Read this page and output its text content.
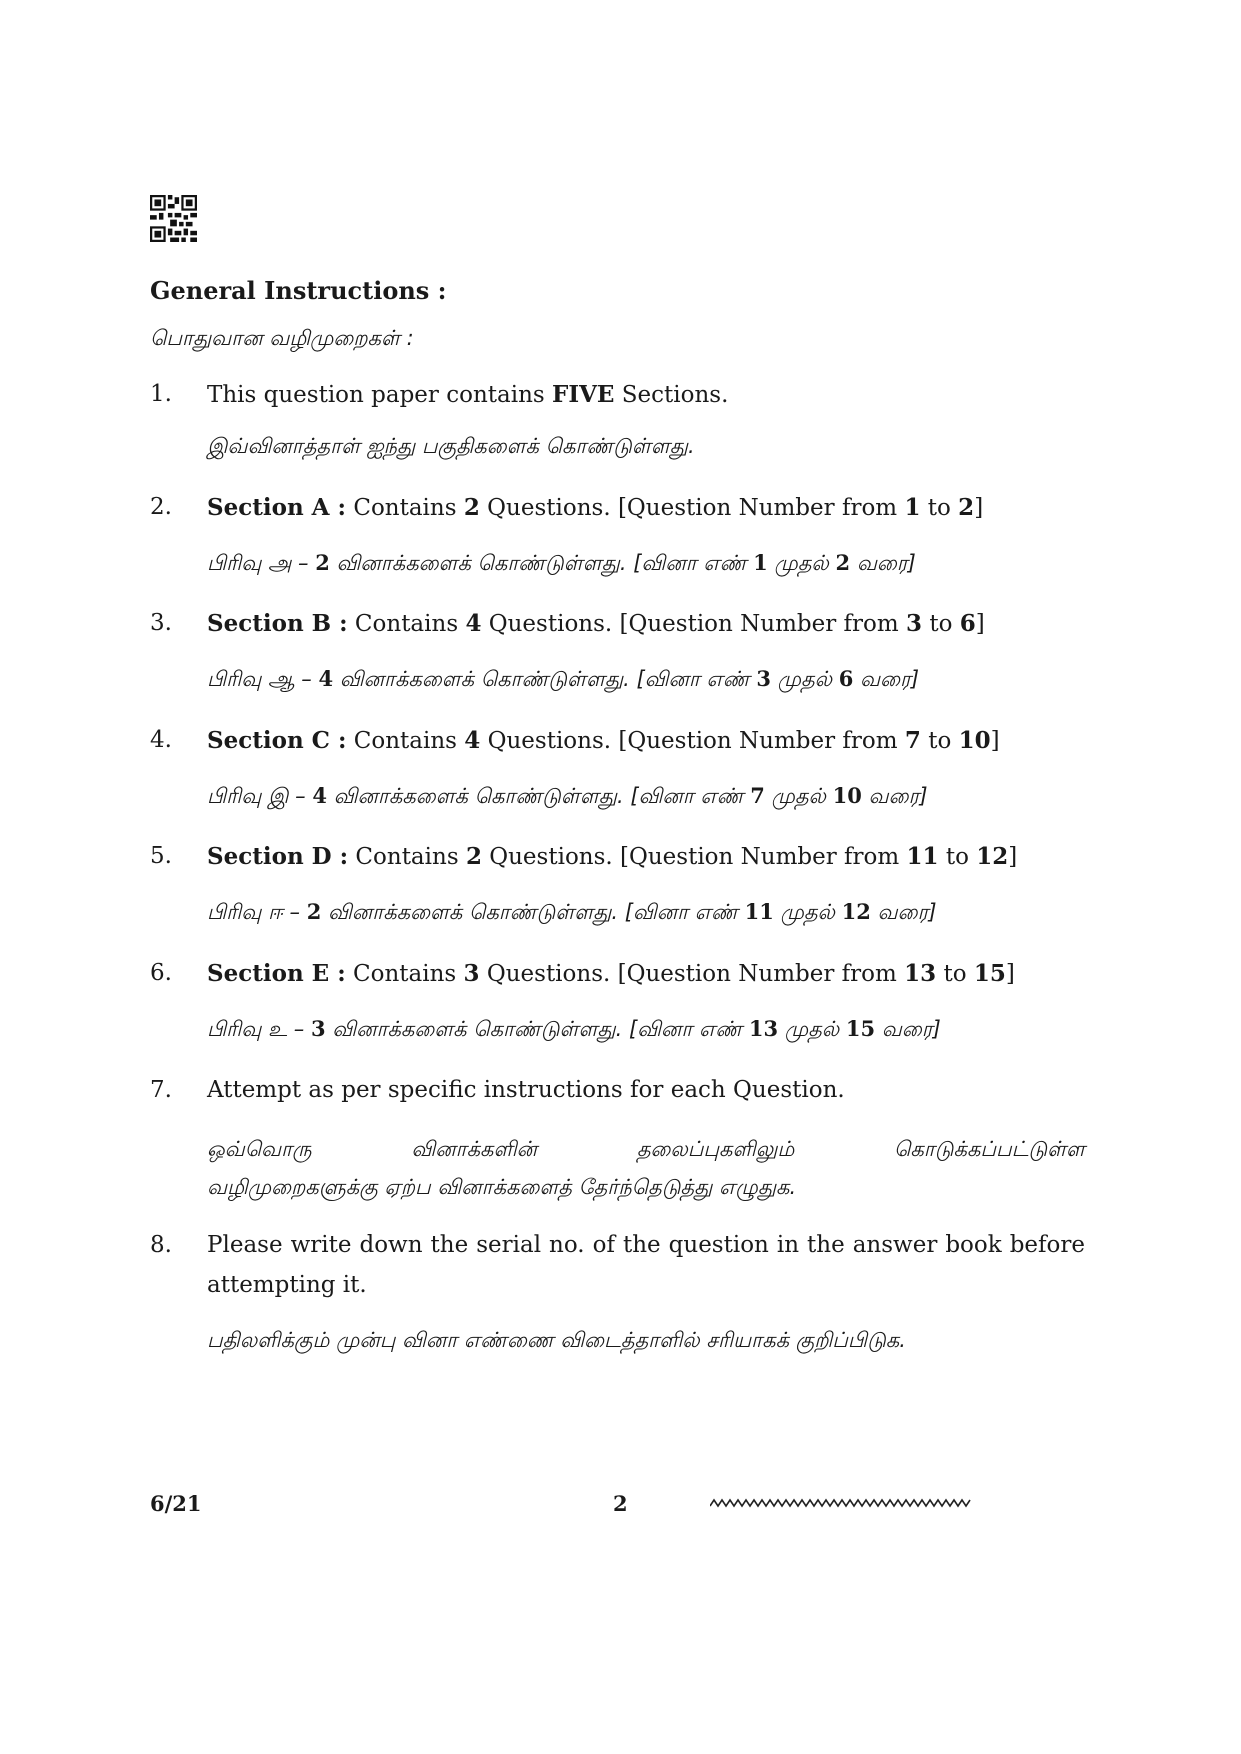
General Instructions :
பொதுவான வழிமுறைகள் :
1. This question paper contains FIVE Sections.
இவ்வினாத்தாள் ஐந்து பகுதிகளைக் கொண்டுள்ளது.
2. Section A : Contains 2 Questions. [Question Number from 1 to 2]
பிரிவு அ – 2 வினாக்களைக் கொண்டுள்ளது. [வினா எண் 1 முதல் 2 வரை]
3. Section B : Contains 4 Questions. [Question Number from 3 to 6]
பிரிவு ஆ – 4 வினாக்களைக் கொண்டுள்ளது. [வினா எண் 3 முதல் 6 வரை]
4. Section C : Contains 4 Questions. [Question Number from 7 to 10]
பிரிவு இ – 4 வினாக்களைக் கொண்டுள்ளது. [வினா எண் 7 முதல் 10 வரை]
5. Section D : Contains 2 Questions. [Question Number from 11 to 12]
பிரிவு ஈ – 2 வினாக்களைக் கொண்டுள்ளது. [வினா எண் 11 முதல் 12 வரை]
6. Section E : Contains 3 Questions. [Question Number from 13 to 15]
பிரிவு உ – 3 வினாக்களைக் கொண்டுள்ளது. [வினா எண் 13 முதல் 15 வரை]
7. Attempt as per specific instructions for each Question.
ஒவ்வொரு	வினாக்களின்	தலைப்புகளிலும்	கொடுக்கப்பட்டுள்ள
வழிமுறைகளுக்கு ஏற்ப வினாக்களைத் தேர்ந்தெடுத்து எழுதுக.
8. Please write down the serial no. of the question in the answer book before attempting it.
பதிலளிக்கும் முன்பு வினா எண்ணை விடைத்தாளில் சரியாகக் குறிப்பிடுக.
6/21	2
